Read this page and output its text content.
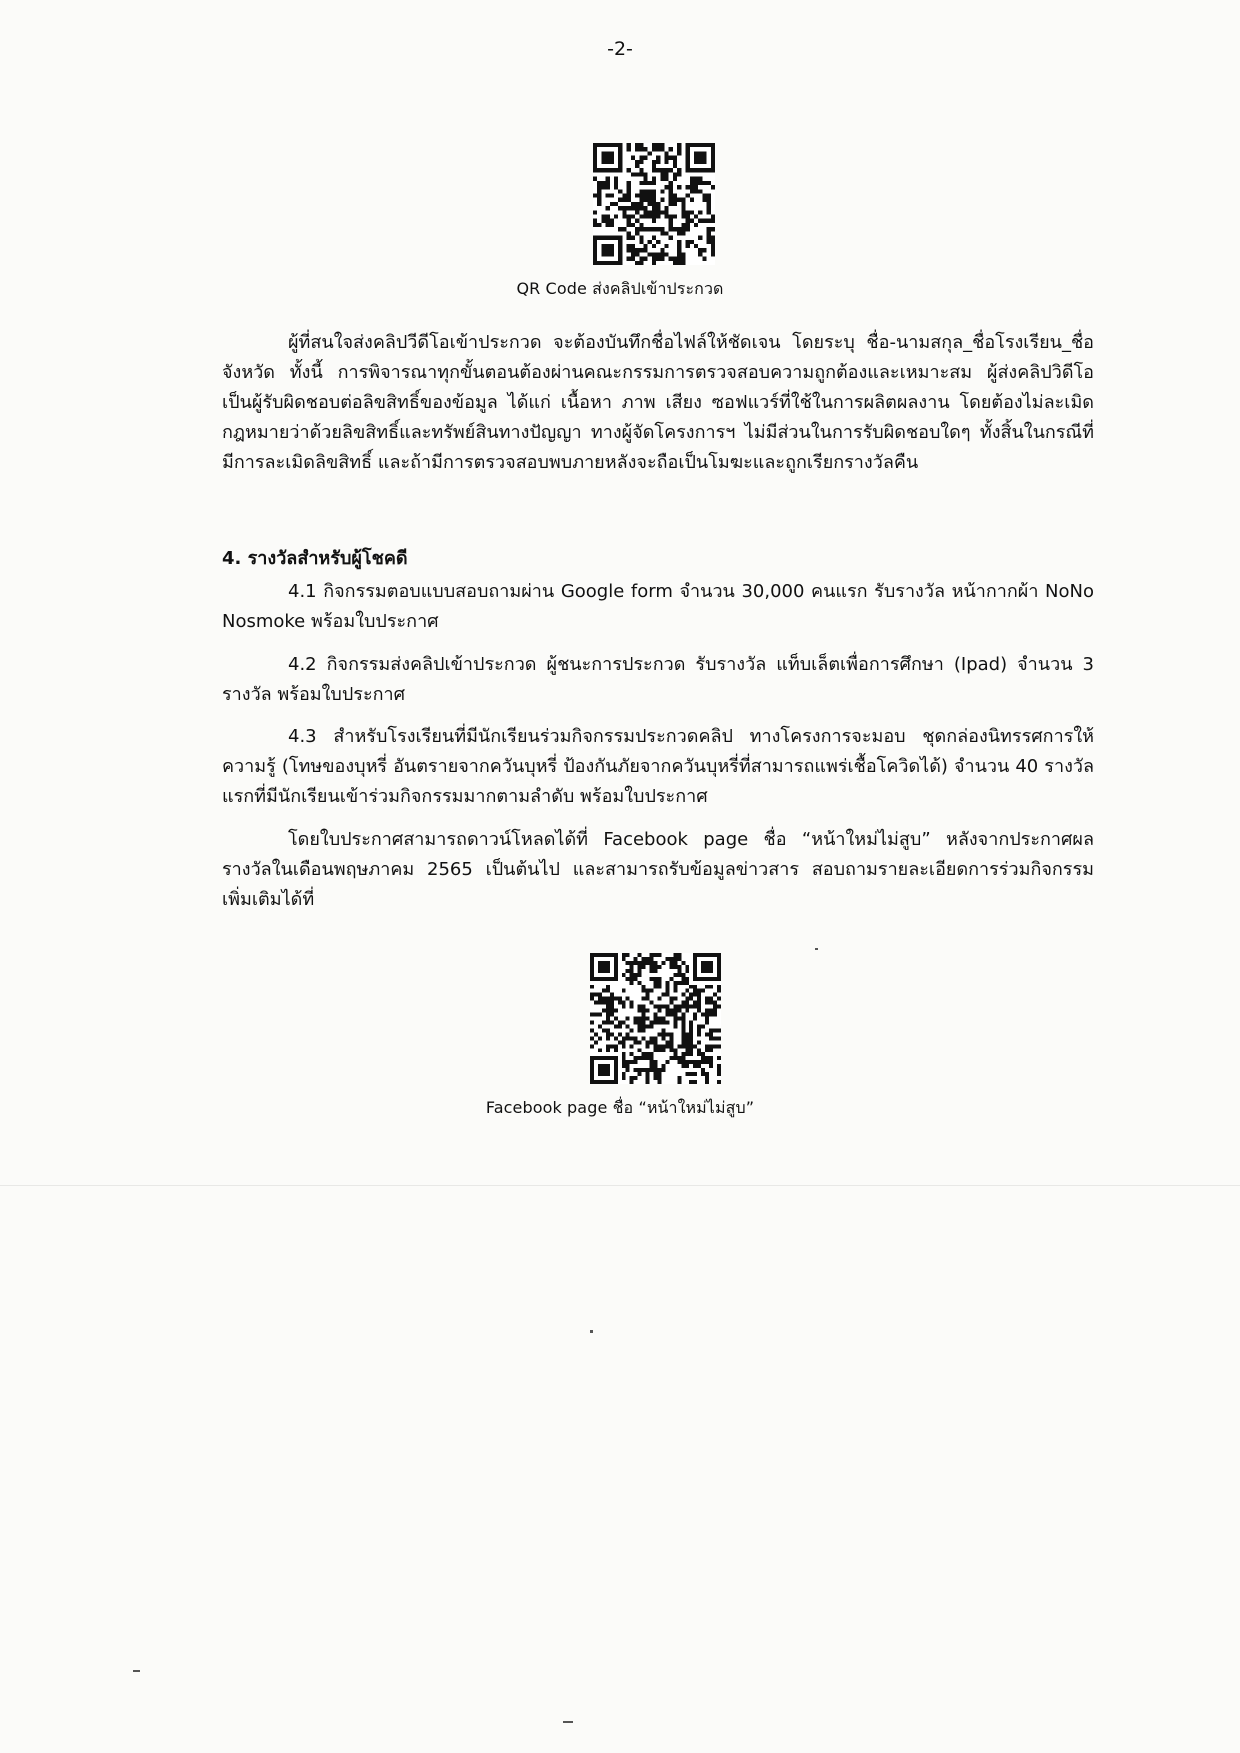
-2-
QR Code ส่งคลิปเข้าประกวด

ผู้ที่สนใจส่งคลิปวีดีโอเข้าประกวด จะต้องบันทึกชื่อไฟล์ให้ชัดเจน โดยระบุ ชื่อ-นามสกุล_ชื่อโรงเรียน_ชื่อจังหวัด ทั้งนี้ การพิจารณาทุกขั้นตอนต้องผ่านคณะกรรมการตรวจสอบความถูกต้องและเหมาะสม ผู้ส่งคลิปวิดีโอเป็นผู้รับผิดชอบต่อลิขสิทธิ์ของข้อมูล ได้แก่ เนื้อหา ภาพ เสียง ซอฟแวร์ที่ใช้ในการผลิตผลงาน โดยต้องไม่ละเมิดกฎหมายว่าด้วยลิขสิทธิ์และทรัพย์สินทางปัญญา ทางผู้จัดโครงการฯ ไม่มีส่วนในการรับผิดชอบใดๆ ทั้งสิ้นในกรณีที่มีการละเมิดลิขสิทธิ์ และถ้ามีการตรวจสอบพบภายหลังจะถือเป็นโมฆะและถูกเรียกรางวัลคืน

4. รางวัลสำหรับผู้โชคดี

4.1 กิจกรรมตอบแบบสอบถามผ่าน Google form จำนวน 30,000 คนแรก รับรางวัล หน้ากากผ้า NoNo Nosmoke พร้อมใบประกาศ

4.2 กิจกรรมส่งคลิปเข้าประกวด ผู้ชนะการประกวด รับรางวัล แท็บเล็ตเพื่อการศึกษา (Ipad) จำนวน 3 รางวัล พร้อมใบประกาศ

4.3 สำหรับโรงเรียนที่มีนักเรียนร่วมกิจกรรมประกวดคลิป ทางโครงการจะมอบ ชุดกล่องนิทรรศการให้ความรู้ (โทษของบุหรี่ อันตรายจากควันบุหรี่ ป้องกันภัยจากควันบุหรี่ที่สามารถแพร่เชื้อโควิดได้) จำนวน 40 รางวัลแรกที่มีนักเรียนเข้าร่วมกิจกรรมมากตามลำดับ พร้อมใบประกาศ

โดยใบประกาศสามารถดาวน์โหลดได้ที่ Facebook page ชื่อ “หน้าใหม่ไม่สูบ” หลังจากประกาศผลรางวัลในเดือนพฤษภาคม 2565 เป็นต้นไป และสามารถรับข้อมูลข่าวสาร สอบถามรายละเอียดการร่วมกิจกรรมเพิ่มเติมได้ที่

Facebook page ชื่อ “หน้าใหม่ไม่สูบ”
